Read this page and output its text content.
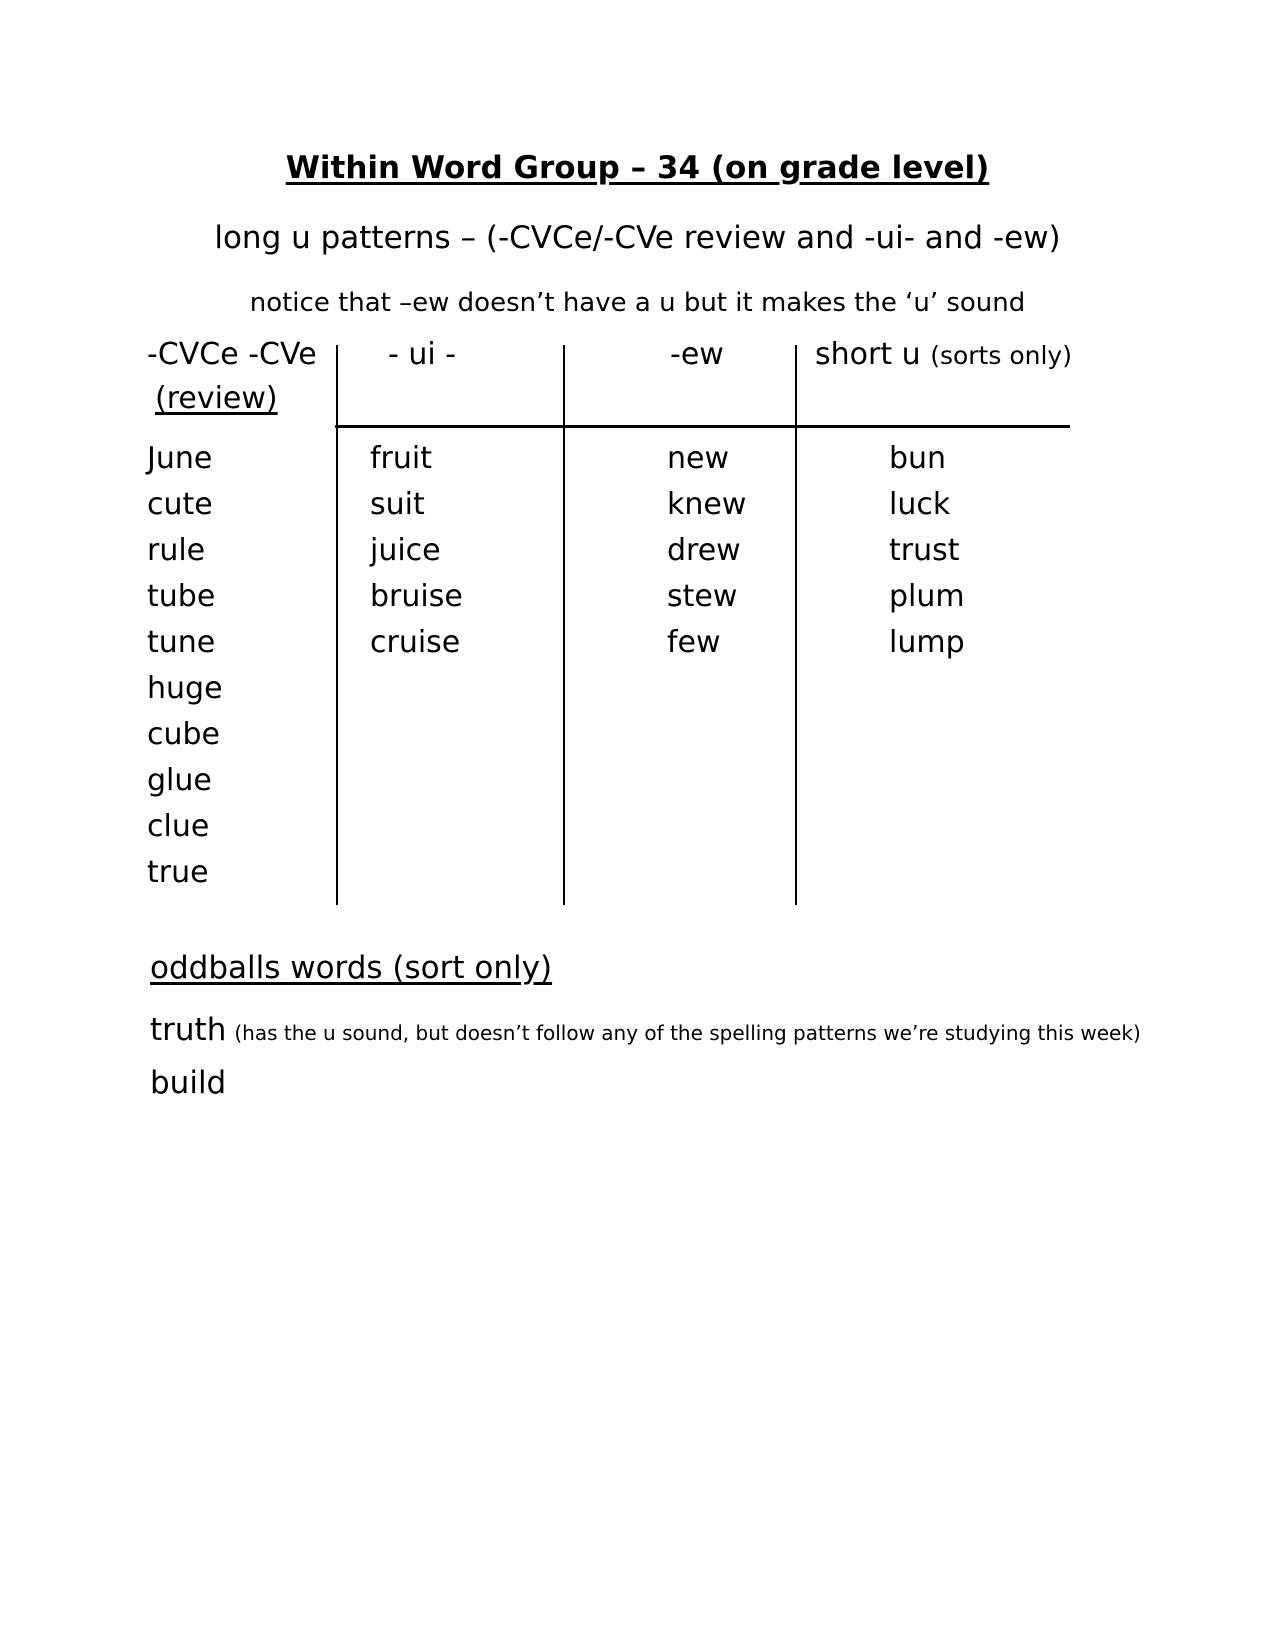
Within Word Group – 34 (on grade level)
long u patterns – (-CVCe/-CVe review and -ui- and -ew)
notice that –ew doesn’t have a u but it makes the ‘u’ sound
-CVCe -CVe
(review)
- ui -	-ew	short u (sorts only)
June
cute
rule
tube
tune
huge
cube
glue
clue
true
fruit
suit
juice
bruise
cruise
new
knew
drew
stew
few
bun
luck
trust
plum
lump
oddballs words (sort only)
truth (has the u sound, but doesn’t follow any of the spelling patterns we’re studying this week)
build
